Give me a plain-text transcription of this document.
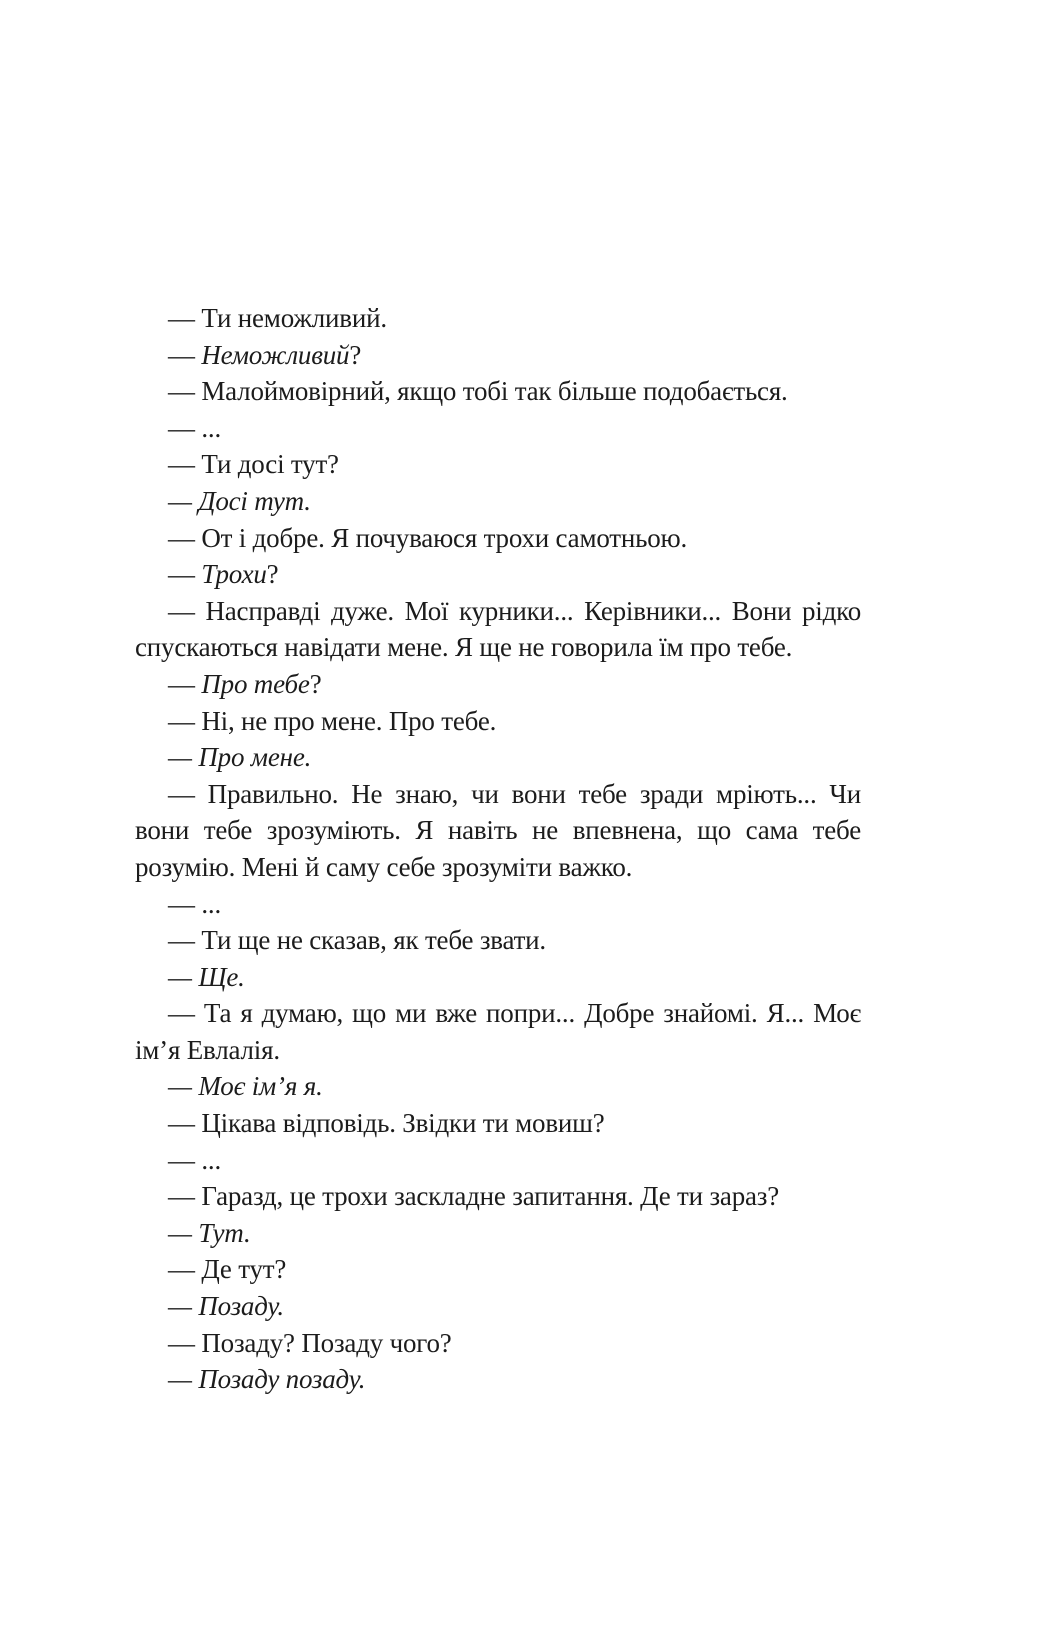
— Ти неможливий.

— Неможливий?

— Малоймовірний, якщо тобі так більше подобається.

— ...

— Ти досі тут?

— Досі тут.

— От і добре. Я почуваюся трохи самотньою.

— Трохи?

— Насправді дуже. Мої курники... Керівники... Вони рідко спускаються навідати мене. Я ще не говорила їм про тебе.

— Про тебе?

— Ні, не про мене. Про тебе.

— Про мене.

— Правильно. Не знаю, чи вони тебе зради мріють... Чи вони тебе зрозуміють. Я навіть не впевнена, що сама тебе розумію. Мені й саму себе зрозуміти важко.

— ...

— Ти ще не сказав, як тебе звати.

— Ще.

— Та я думаю, що ми вже попри... Добре знайомі. Я... Моє ім’я Евлалія.

— Моє ім’я я.

— Цікава відповідь. Звідки ти мовиш?

— ...

— Гаразд, це трохи заскладне запитання. Де ти зараз?

— Тут.

— Де тут?

— Позаду.

— Позаду? Позаду чого?

— Позаду позаду.
